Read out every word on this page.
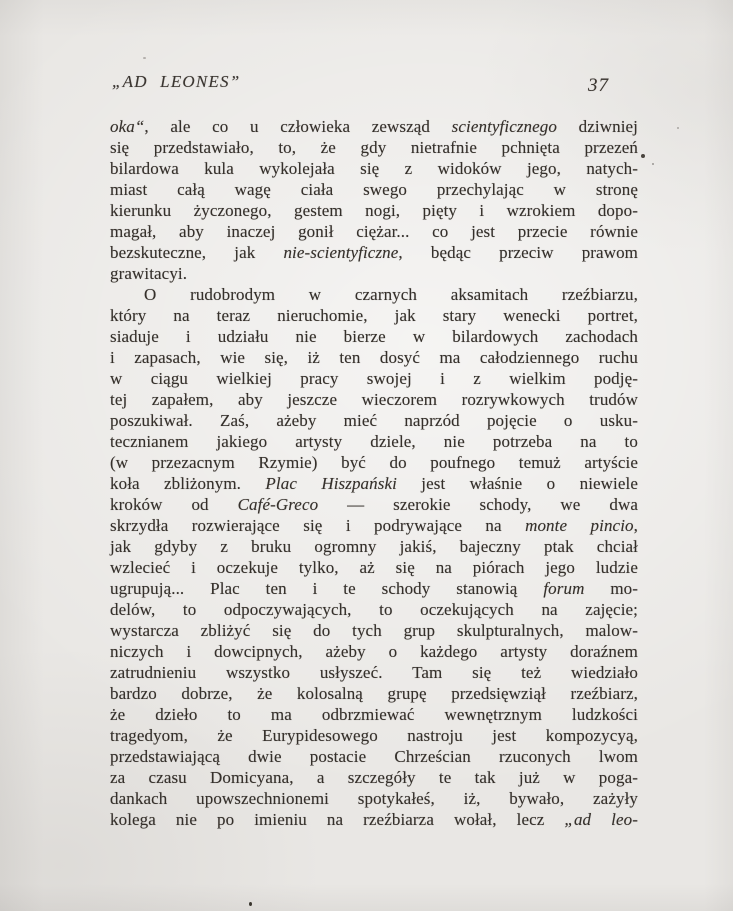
„AD LEONES”	37
oka“, ale co u człowieka zewsząd scientyficznego dziwniej
się przedstawiało, to, że gdy nietrafnie pchnięta przezeń
bilardowa kula wykolejała się z widoków jego, natych-
miast całą wagę ciała swego przechylając w stronę
kierunku życzonego, gestem nogi, pięty i wzrokiem dopo-
magał, aby inaczej gonił ciężar... co jest przecie równie
bezskuteczne, jak nie-scientyficzne, będąc przeciw prawom
grawitacyi.
O rudobrodym w czarnych aksamitach rzeźbiarzu,
który na teraz nieruchomie, jak stary wenecki portret,
siaduje i udziału nie bierze w bilardowych zachodach
i zapasach, wie się, iż ten dosyć ma całodziennego ruchu
w ciągu wielkiej pracy swojej i z wielkim podję-
tej zapałem, aby jeszcze wieczorem rozrywkowych trudów
poszukiwał. Zaś, ażeby mieć naprzód pojęcie o usku-
tecznianem jakiego artysty dziele, nie potrzeba na to
(w przezacnym Rzymie) być do poufnego temuż artyście
koła zbliżonym. Plac Hiszpański jest właśnie o niewiele
kroków od Café-Greco — szerokie schody, we dwa
skrzydła rozwierające się i podrywające na monte pincio,
jak gdyby z bruku ogromny jakiś, bajeczny ptak chciał
wzlecieć i oczekuje tylko, aż się na piórach jego ludzie
ugrupują... Plac ten i te schody stanowią forum mo-
delów, to odpoczywających, to oczekujących na zajęcie;
wystarcza zbliżyć się do tych grup skulpturalnych, malow-
niczych i dowcipnych, ażeby o każdego artysty doraźnem
zatrudnieniu wszystko usłyszeć. Tam się też wiedziało
bardzo dobrze, że kolosalną grupę przedsięwziął rzeźbiarz,
że dzieło to ma odbrzmiewać wewnętrznym ludzkości
tragedyom, że Eurypidesowego nastroju jest kompozycyą,
przedstawiającą dwie postacie Chrześcian rzuconych lwom
za czasu Domicyana, a szczegóły te tak już w poga-
dankach upowszechnionemi spotykałeś, iż, bywało, zażyły
kolega nie po imieniu na rzeźbiarza wołał, lecz „ad leo-
